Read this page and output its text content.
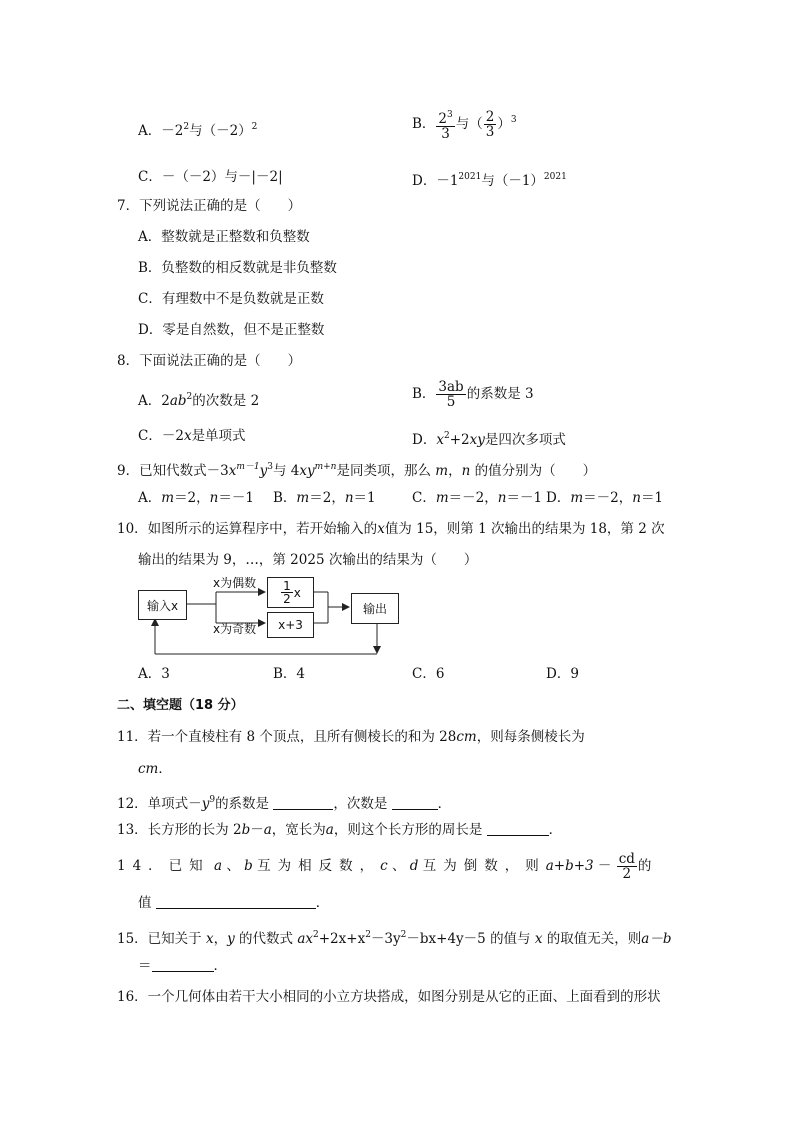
A．$-2^2$与$(-2)^2$	B． $\frac{2^3}{3}$ 与（ $\frac{2}{3} )^3$
C．－（－2）与－|－2|	D．$-1^{2021}$与$(-1)^{2021}$
7．下列说法正确的是（　　）
A．整数就是正整数和负整数
B．负整数的相反数就是非负整数
C．有理数中不是负数就是正数
D．零是自然数，但不是正整数
8．下面说法正确的是（　　）
A．$2ab^2$的次数是 2	B． $\frac{3ab}{5}$ 的系数是 3
C．－2x是单项式	D．$x^2+2xy$是四次多项式
9．已知代数式$-3x^{m-1}y^3$与 $4xy^{m+n}$是同类项，那么 m，n 的值分别为（　　）
A．m＝2，n＝－1 B．m＝2，n＝1	C．m＝－2，n＝－1 D．m＝－2，n＝1
10．如图所示的运算程序中，若开始输入的x值为 15，则第 1 次输出的结果为 18，第 2 次
输出的结果为 9，…，第 2025 次输出的结果为（　　）
输入x
$\frac{1}{2}$ x
x+3
输出
x为偶数
x为奇数
A．3	B．4	C．6	D．9
二、填空题（18 分）
11．若一个直棱柱有 8 个顶点，且所有侧棱长的和为 28cm，则每条侧棱长为
cm．
12．单项式$-y^9$的系数是	，次数是	．
13．长方形的长为 2b－a，宽长为a，则这个长方形的周长是	．
14．已知 a 、 b 互为相反数，c 、 d 互为倒数，则$a+b+3 - \frac{cd}{2}$ 的
值	．
15．已知关于 x，y 的代数式 $ax^2+2x+x^2-3y^2-bx+4y-5$ 的值与 x 的取值无关，则a－b
＝	．
16．一个几何体由若干大小相同的小立方块搭成，如图分别是从它的正面、上面看到的形状
